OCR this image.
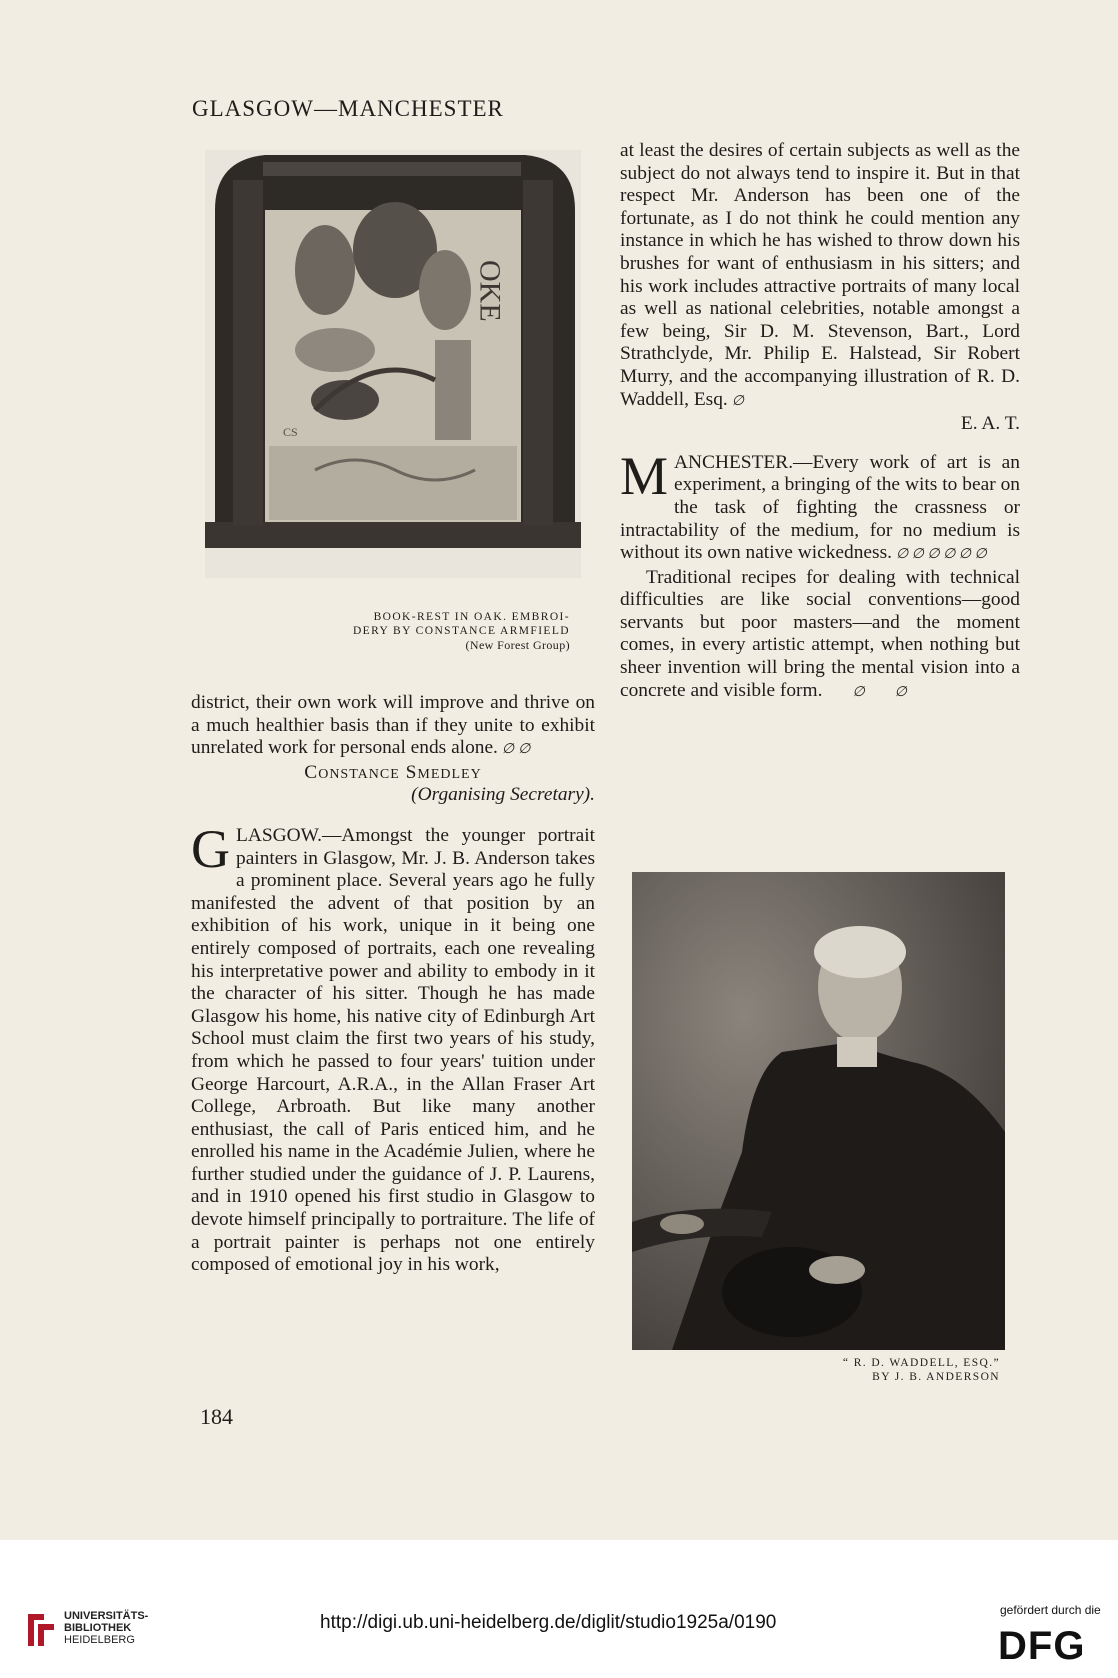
GLASGOW—MANCHESTER
OKE
CS
BOOK-REST IN OAK. EMBROI-
DERY BY CONSTANCE ARMFIELD
(New Forest Group)

district, their own work will improve and thrive on a much healthier basis than if they unite to exhibit unrelated work for personal ends alone. ∅ ∅

Constance Smedley

(Organising Secretary).

GLASGOW.—Amongst the younger portrait painters in Glasgow, Mr. J. B. Anderson takes a prominent place. Several years ago he fully manifested the advent of that position by an exhibition of his work, unique in it being one entirely composed of portraits, each one revealing his interpretative power and ability to embody in it the character of his sitter. Though he has made Glasgow his home, his native city of Edinburgh Art School must claim the first two years of his study, from which he passed to four years' tuition under George Harcourt, A.R.A., in the Allan Fraser Art College, Arbroath. But like many another enthusiast, the call of Paris enticed him, and he enrolled his name in the Académie Julien, where he further studied under the guidance of J. P. Laurens, and in 1910 opened his first studio in Glasgow to devote himself principally to portraiture. The life of a portrait painter is perhaps not one entirely composed of emotional joy in his work,

at least the desires of certain subjects as well as the subject do not always tend to inspire it. But in that respect Mr. Anderson has been one of the fortunate, as I do not think he could mention any instance in which he has wished to throw down his brushes for want of enthusiasm in his sitters; and his work includes attractive portraits of many local as well as national celebrities, notable amongst a few being, Sir D. M. Stevenson, Bart., Lord Strathclyde, Mr. Philip E. Halstead, Sir Robert Murry, and the accompanying illustration of R. D. Waddell, Esq. ∅

E. A. T.

MANCHESTER.—Every work of art is an experiment, a bringing of the wits to bear on the task of fighting the crassness or intractability of the medium, for no medium is without its own native wickedness. ∅ ∅ ∅ ∅ ∅ ∅

Traditional recipes for dealing with technical difficulties are like social conventions—good servants but poor masters—and the moment comes, in every artistic attempt, when nothing but sheer invention will bring the mental vision into a concrete and visible form. ∅ ∅

“ R. D. WADDELL, ESQ.”
BY J. B. ANDERSON
184
UNIVERSITÄTS-
BIBLIOTHEK
HEIDELBERG
http://digi.ub.uni-heidelberg.de/diglit/studio1925a/0190
gefördert durch die
DFG
